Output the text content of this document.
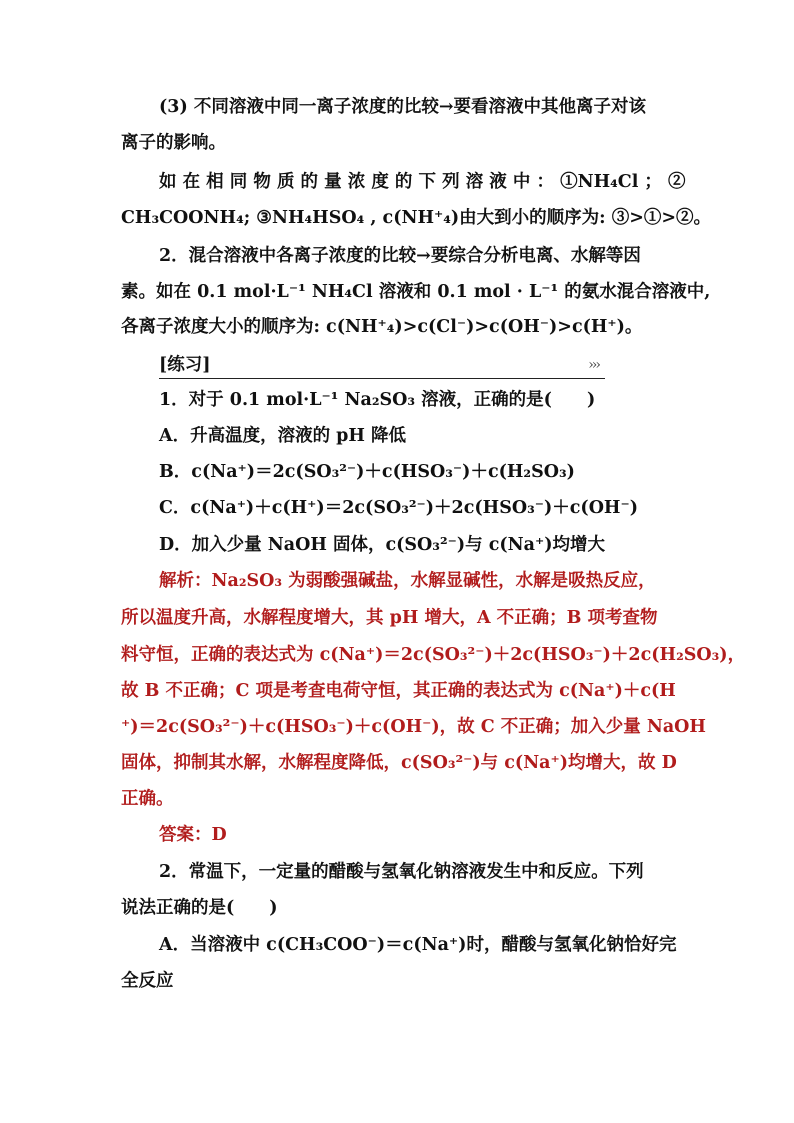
(3) 不同溶液中同一离子浓度的比较→要看溶液中其他离子对该
离子的影响。
如 在 相 同 物 质 的 量 浓 度 的 下 列 溶 液 中 ： ①NH₄Cl ； ②
CH₃COONH₄; ③NH₄HSO₄ , c(NH⁺₄)由大到小的顺序为: ③>①>②。
2．混合溶液中各离子浓度的比较→要综合分析电离、水解等因
素。如在 0.1 mol·L⁻¹ NH₄Cl 溶液和 0.1 mol · L⁻¹ 的氨水混合溶液中,
各离子浓度大小的顺序为: c(NH⁺₄)>c(Cl⁻)>c(OH⁻)>c(H⁺)。
[练习]	›››
1．对于 0.1 mol·L⁻¹ Na₂SO₃ 溶液，正确的是(　　)
A．升高温度，溶液的 pH 降低
B．c(Na⁺)＝2c(SO₃²⁻)＋c(HSO₃⁻)＋c(H₂SO₃)
C．c(Na⁺)＋c(H⁺)＝2c(SO₃²⁻)＋2c(HSO₃⁻)＋c(OH⁻)
D．加入少量 NaOH 固体，c(SO₃²⁻)与 c(Na⁺)均增大
解析：Na₂SO₃ 为弱酸强碱盐，水解显碱性，水解是吸热反应，
所以温度升高，水解程度增大，其 pH 增大，A 不正确；B 项考查物
料守恒，正确的表达式为 c(Na⁺)＝2c(SO₃²⁻)＋2c(HSO₃⁻)＋2c(H₂SO₃)，
故 B 不正确；C 项是考查电荷守恒，其正确的表达式为 c(Na⁺)＋c(H
⁺)＝2c(SO₃²⁻)＋c(HSO₃⁻)＋c(OH⁻)，故 C 不正确；加入少量 NaOH
固体，抑制其水解，水解程度降低，c(SO₃²⁻)与 c(Na⁺)均增大，故 D
正确。
答案：D
2．常温下，一定量的醋酸与氢氧化钠溶液发生中和反应。下列
说法正确的是(　　)
A．当溶液中 c(CH₃COO⁻)＝c(Na⁺)时，醋酸与氢氧化钠恰好完
全反应
